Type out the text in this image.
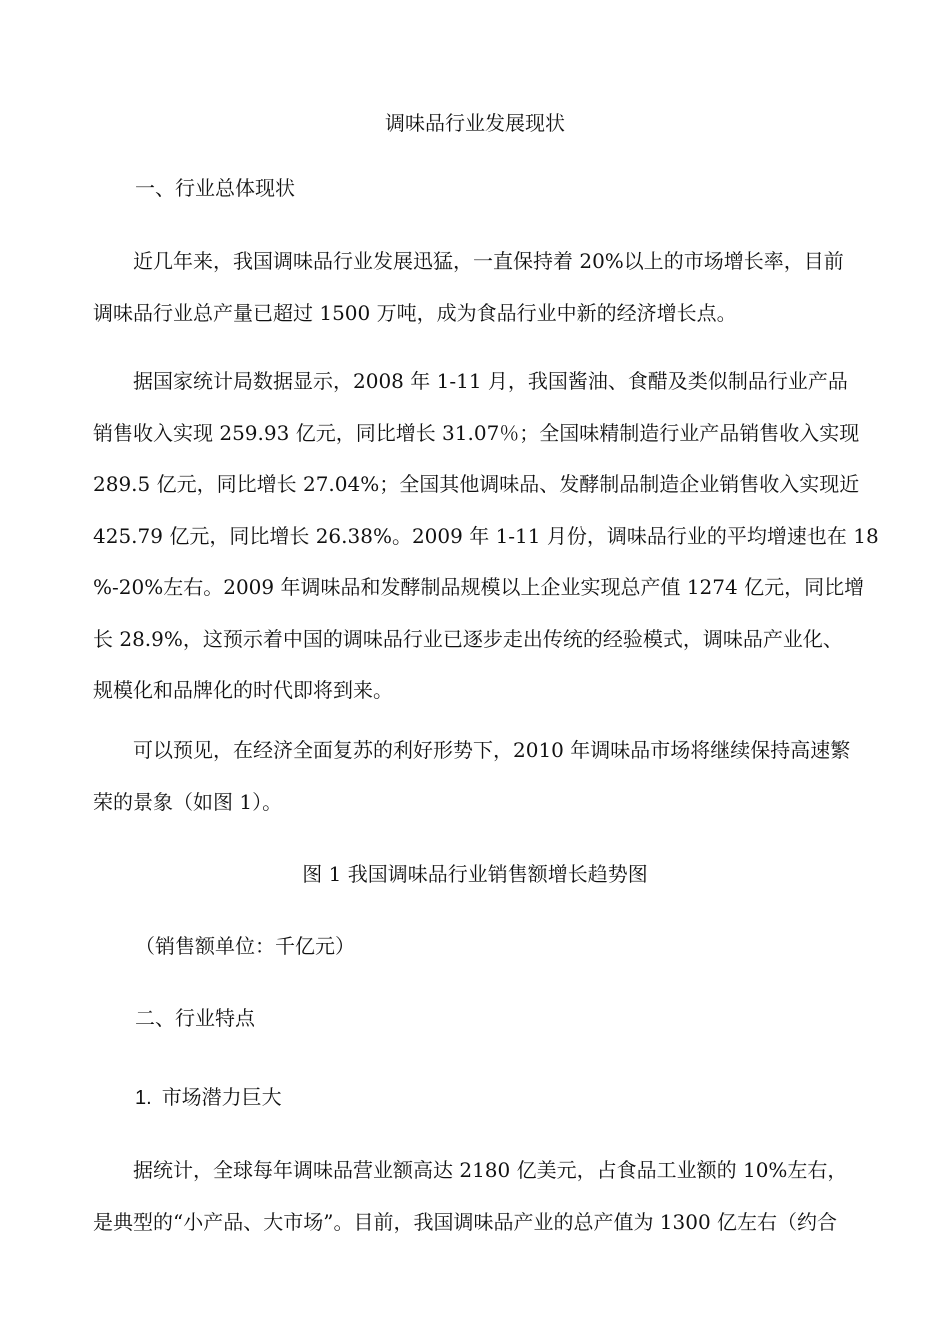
调味品行业发展现状

一、行业总体现状

　　近几年来，我国调味品行业发展迅猛，一直保持着 20%以上的市场增长率，目前
调味品行业总产量已超过 1500 万吨，成为食品行业中新的经济增长点。

　　据国家统计局数据显示，2008 年 1-11 月，我国酱油、食醋及类似制品行业产品
销售收入实现 259.93 亿元，同比增长 31.07％；全国味精制造行业产品销售收入实现
289.5 亿元，同比增长 27.04%；全国其他调味品、发酵制品制造企业销售收入实现近
425.79 亿元，同比增长 26.38%。2009 年 1-11 月份，调味品行业的平均增速也在 18
%-20%左右。2009 年调味品和发酵制品规模以上企业实现总产值 1274 亿元，同比增
长 28.9%，这预示着中国的调味品行业已逐步走出传统的经验模式，调味品产业化、
规模化和品牌化的时代即将到来。

　　可以预见，在经济全面复苏的利好形势下，2010 年调味品市场将继续保持高速繁
荣的景象（如图 1）。

图 1 我国调味品行业销售额增长趋势图

（销售额单位：千亿元）

二、行业特点

1. 市场潜力巨大

　　据统计，全球每年调味品营业额高达 2180 亿美元，占食品工业额的 10%左右，
是典型的“小产品、大市场”。目前，我国调味品产业的总产值为 1300 亿左右（约合
